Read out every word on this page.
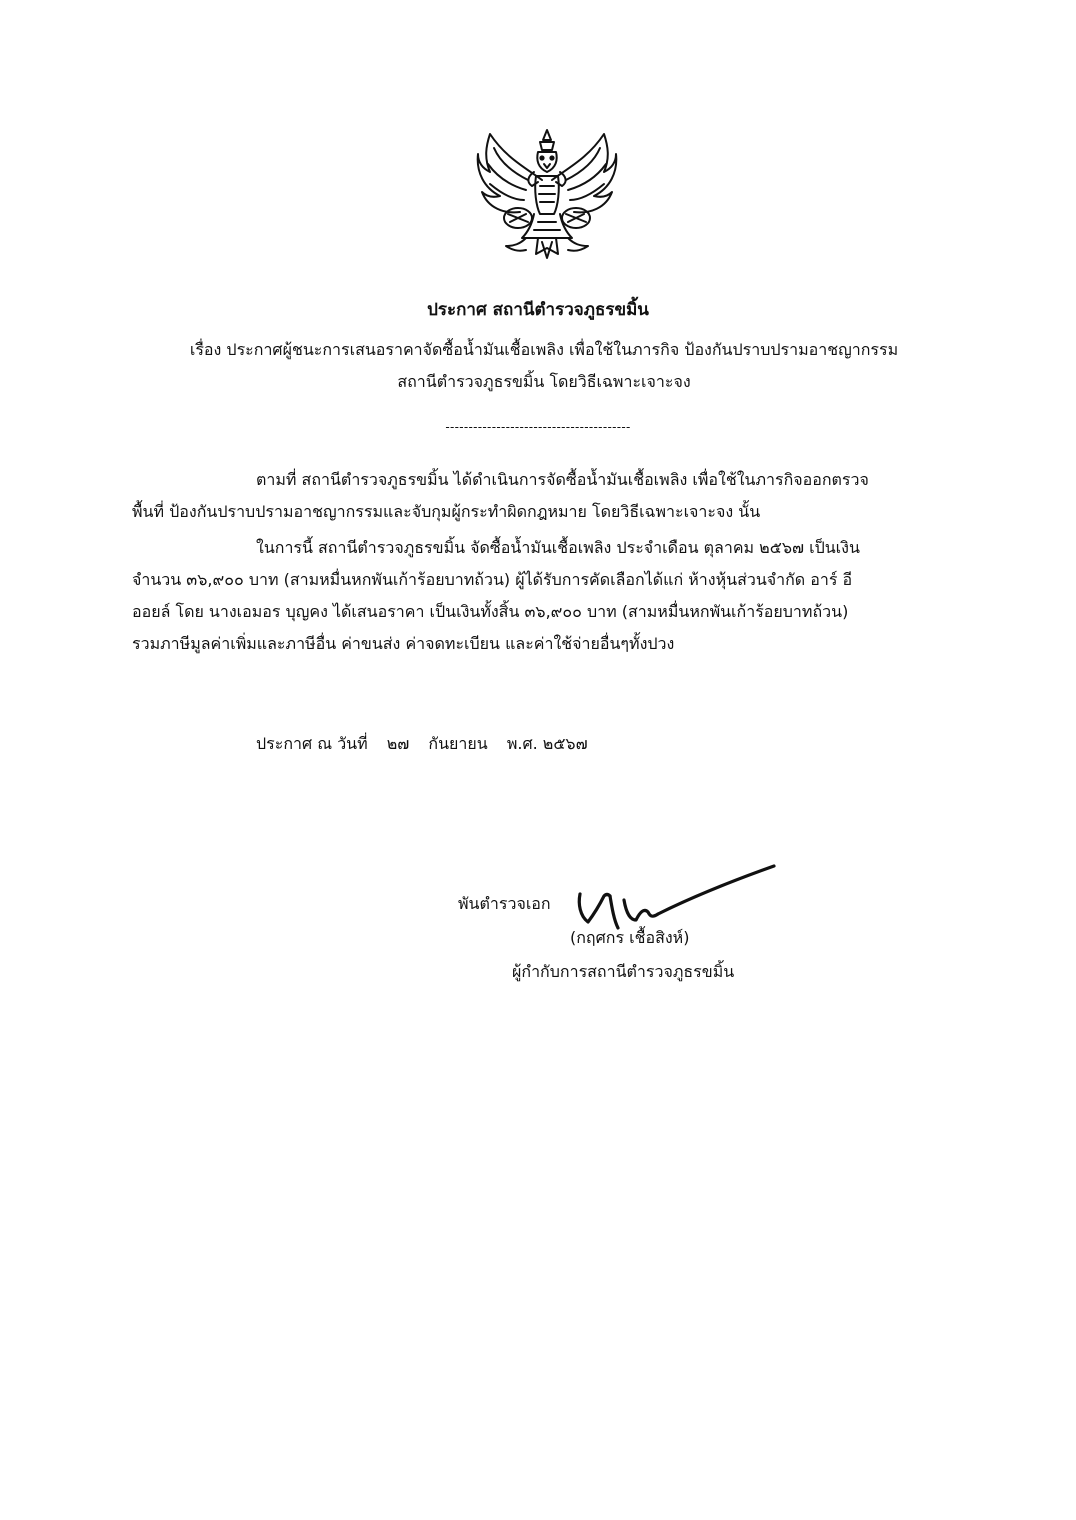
ประกาศ สถานีตำรวจภูธรขมิ้น
เรื่อง ประกาศผู้ชนะการเสนอราคาจัดซื้อน้ำมันเชื้อเพลิง เพื่อใช้ในภารกิจ ป้องกันปราบปรามอาชญากรรม
สถานีตำรวจภูธรขมิ้น โดยวิธีเฉพาะเจาะจง
----------------------------------------
ตามที่ สถานีตำรวจภูธรขมิ้น ได้ดำเนินการจัดซื้อน้ำมันเชื้อเพลิง เพื่อใช้ในภารกิจออกตรวจ
พื้นที่ ป้องกันปราบปรามอาชญากรรมและจับกุมผู้กระทำผิดกฎหมาย โดยวิธีเฉพาะเจาะจง นั้น
ในการนี้ สถานีตำรวจภูธรขมิ้น จัดซื้อน้ำมันเชื้อเพลิง ประจำเดือน ตุลาคม ๒๕๖๗ เป็นเงิน
จำนวน ๓๖,๙๐๐ บาท (สามหมื่นหกพันเก้าร้อยบาทถ้วน) ผู้ได้รับการคัดเลือกได้แก่ ห้างหุ้นส่วนจำกัด อาร์ อี
ออยล์ โดย นางเอมอร บุญคง ได้เสนอราคา เป็นเงินทั้งสิ้น ๓๖,๙๐๐ บาท (สามหมื่นหกพันเก้าร้อยบาทถ้วน)
รวมภาษีมูลค่าเพิ่มและภาษีอื่น ค่าขนส่ง ค่าจดทะเบียน และค่าใช้จ่ายอื่นๆทั้งปวง
ประกาศ ณ วันที่ ๒๗ กันยายน พ.ศ. ๒๕๖๗
พันตำรวจเอก
(กฤศกร เชื้อสิงห์)
ผู้กำกับการสถานีตำรวจภูธรขมิ้น
